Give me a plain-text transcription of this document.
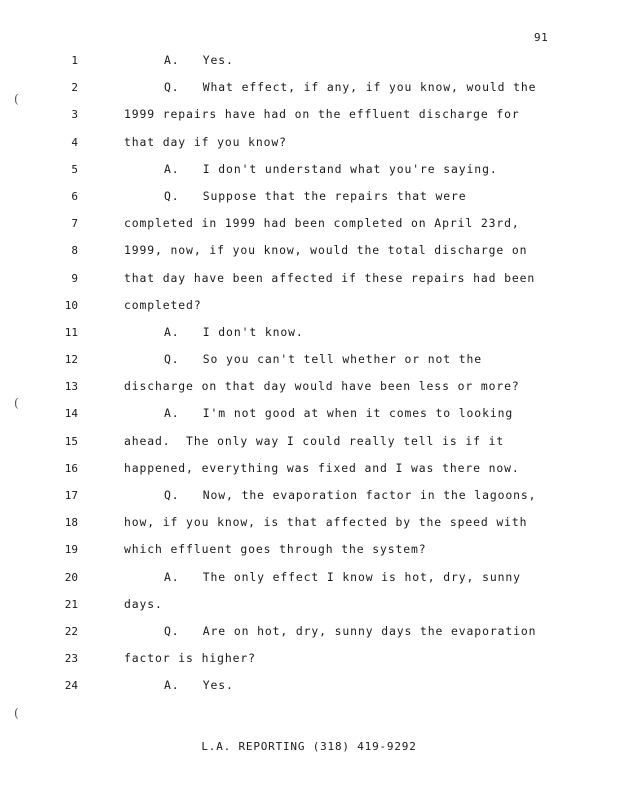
91
(
(
(
1	A.   Yes.
2	Q.   What effect, if any, if you know, would the
3	1999 repairs have had on the effluent discharge for
4	that day if you know?
5	A.   I don't understand what you're saying.
6	Q.   Suppose that the repairs that were
7	completed in 1999 had been completed on April 23rd,
8	1999, now, if you know, would the total discharge on
9	that day have been affected if these repairs had been
10	completed?
11	A.   I don't know.
12	Q.   So you can't tell whether or not the
13	discharge on that day would have been less or more?
14	A.   I'm not good at when it comes to looking
15	ahead.  The only way I could really tell is if it
16	happened, everything was fixed and I was there now.
17	Q.   Now, the evaporation factor in the lagoons,
18	how, if you know, is that affected by the speed with
19	which effluent goes through the system?
20	A.   The only effect I know is hot, dry, sunny
21	days.
22	Q.   Are on hot, dry, sunny days the evaporation
23	factor is higher?
24	A.   Yes.
L.A. REPORTING (318) 419-9292
